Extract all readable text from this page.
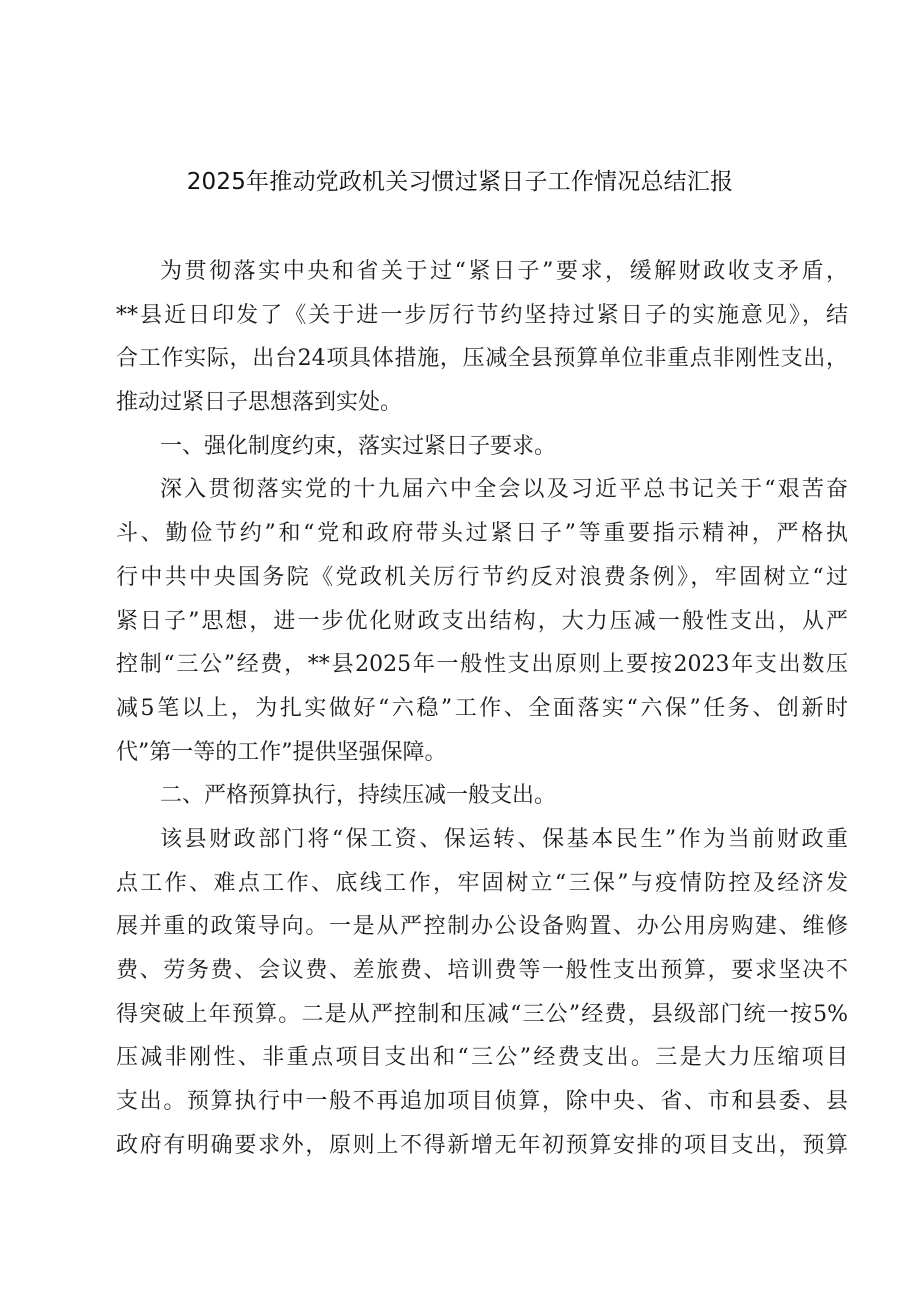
2025年推动党政机关习惯过紧日子工作情况总结汇报
为贯彻落实中央和省关于过“紧日子”要求，缓解财政收支矛盾，
**县近日印发了《关于进一步厉行节约坚持过紧日子的实施意见》，结
合工作实际，出台24项具体措施，压减全县预算单位非重点非刚性支出，
推动过紧日子思想落到实处。
一、强化制度约束，落实过紧日子要求。
深入贯彻落实党的十九届六中全会以及习近平总书记关于“艰苦奋
斗、勤俭节约”和“党和政府带头过紧日子”等重要指示精神，严格执
行中共中央国务院《党政机关厉行节约反对浪费条例》，牢固树立“过
紧日子”思想，进一步优化财政支出结构，大力压减一般性支出，从严
控制“三公”经费，**县2025年一般性支出原则上要按2023年支出数压
减5笔以上，为扎实做好“六稳”工作、全面落实“六保”任务、创新时
代”第一等的工作”提供坚强保障。
二、严格预算执行，持续压减一般支出。
该县财政部门将“保工资、保运转、保基本民生”作为当前财政重
点工作、难点工作、底线工作，牢固树立“三保”与疫情防控及经济发
展并重的政策导向。一是从严控制办公设备购置、办公用房购建、维修
费、劳务费、会议费、差旅费、培训费等一般性支出预算，要求坚决不
得突破上年预算。二是从严控制和压减“三公”经费，县级部门统一按5%
压减非刚性、非重点项目支出和“三公”经费支出。三是大力压缩项目
支出。预算执行中一般不再追加项目侦算，除中央、省、市和县委、县
政府有明确要求外，原则上不得新增无年初预算安排的项目支出，预算
